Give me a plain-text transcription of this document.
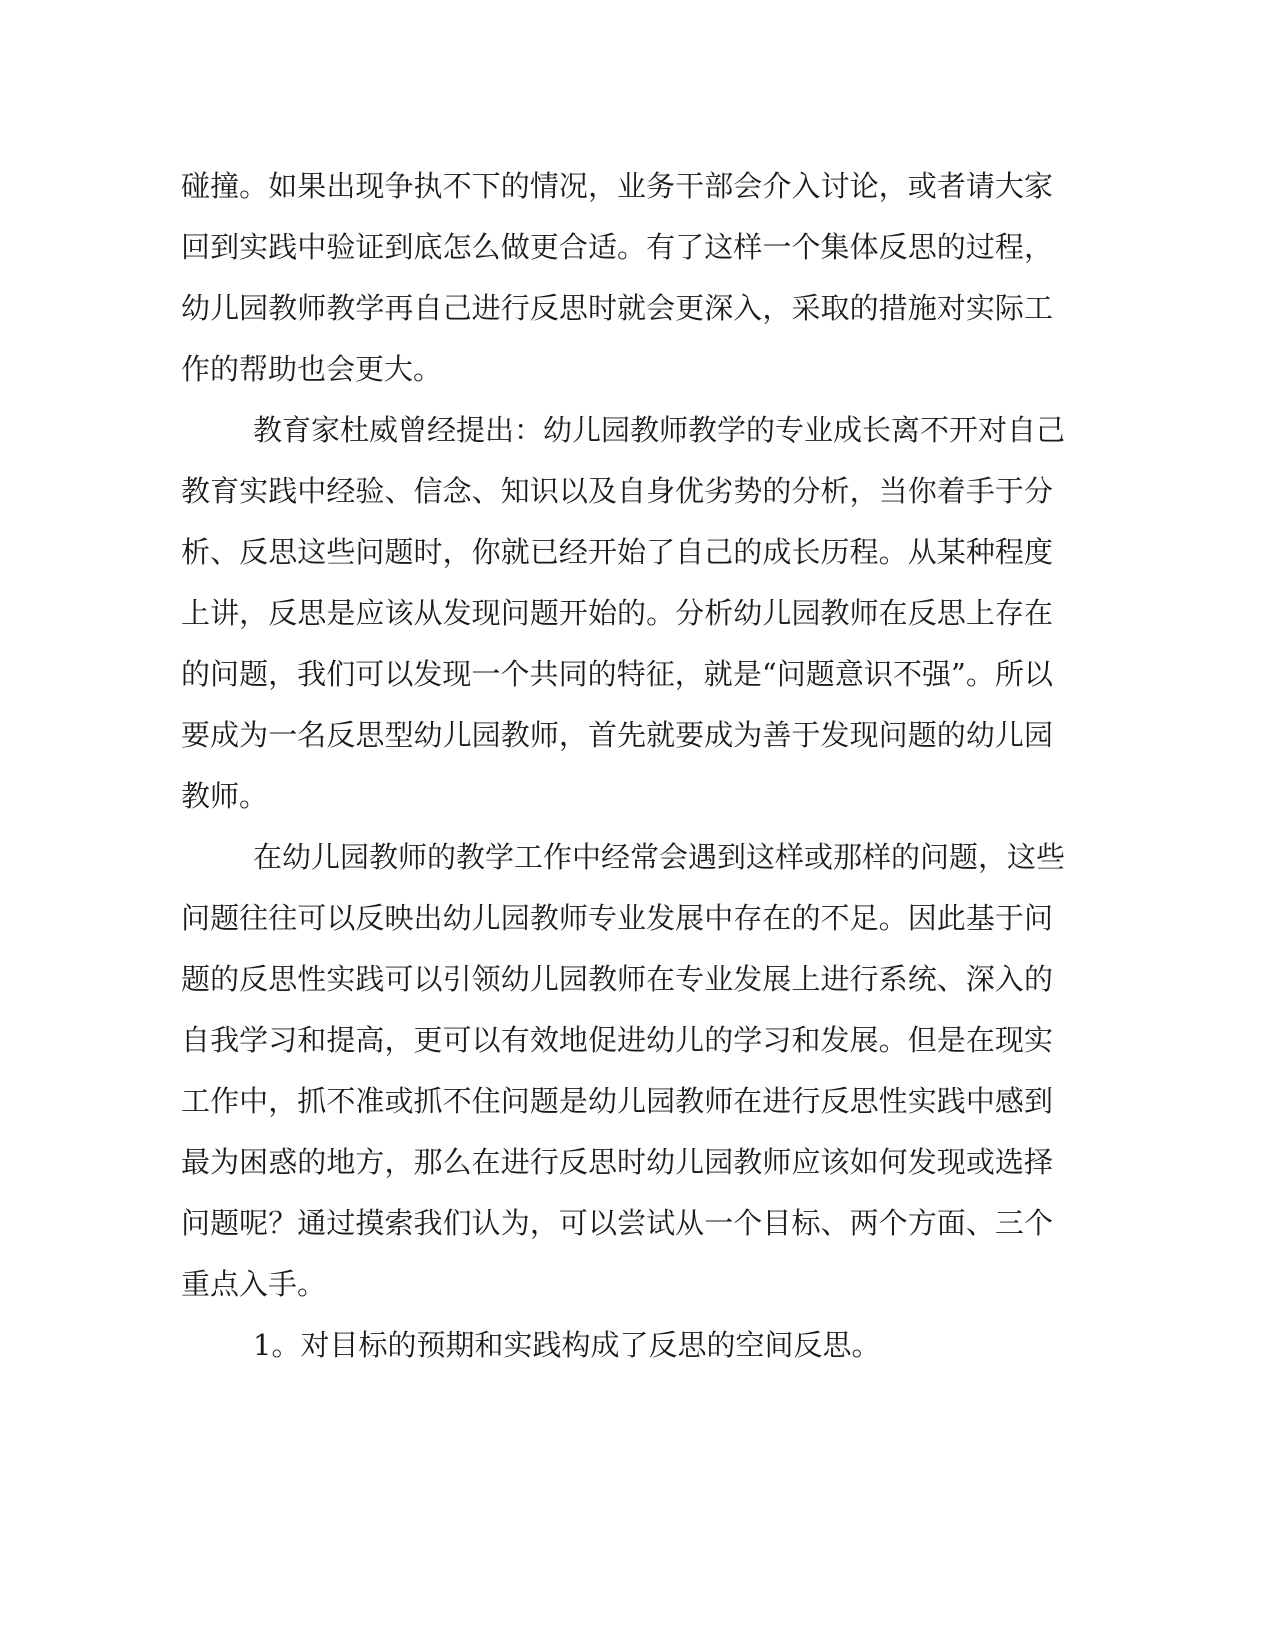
碰撞。如果出现争执不下的情况，业务干部会介入讨论，或者请大家
回到实践中验证到底怎么做更合适。有了这样一个集体反思的过程，
幼儿园教师教学再自己进行反思时就会更深入，采取的措施对实际工
作的帮助也会更大。
教育家杜威曾经提出：幼儿园教师教学的专业成长离不开对自己
教育实践中经验、信念、知识以及自身优劣势的分析，当你着手于分
析、反思这些问题时，你就已经开始了自己的成长历程。从某种程度
上讲，反思是应该从发现问题开始的。分析幼儿园教师在反思上存在
的问题，我们可以发现一个共同的特征，就是“问题意识不强”。所以
要成为一名反思型幼儿园教师，首先就要成为善于发现问题的幼儿园
教师。
在幼儿园教师的教学工作中经常会遇到这样或那样的问题，这些
问题往往可以反映出幼儿园教师专业发展中存在的不足。因此基于问
题的反思性实践可以引领幼儿园教师在专业发展上进行系统、深入的
自我学习和提高，更可以有效地促进幼儿的学习和发展。但是在现实
工作中，抓不准或抓不住问题是幼儿园教师在进行反思性实践中感到
最为困惑的地方，那么在进行反思时幼儿园教师应该如何发现或选择
问题呢？通过摸索我们认为，可以尝试从一个目标、两个方面、三个
重点入手。
1。对目标的预期和实践构成了反思的空间反思。
